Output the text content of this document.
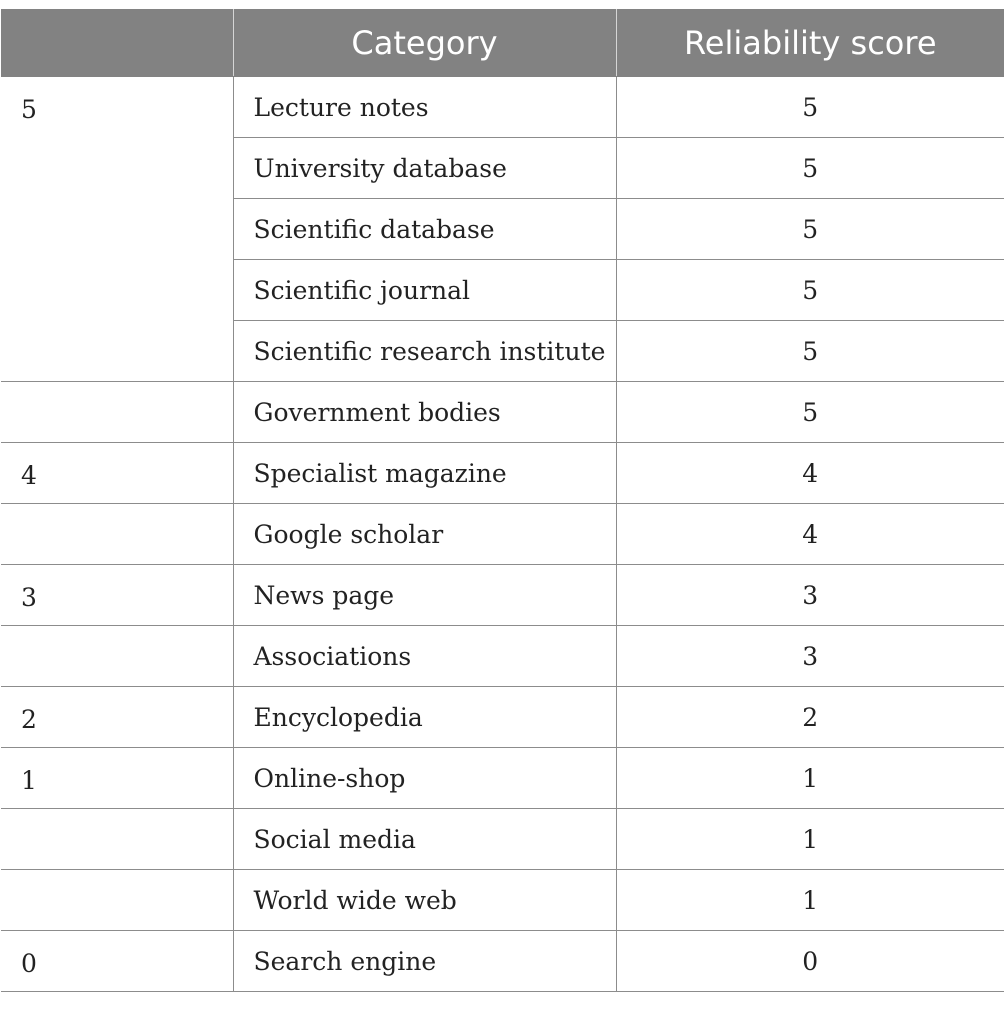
	Category	Reliability score
5	Lecture notes	5
	University database	5
	Scientific database	5
	Scientific journal	5
	Scientific research institute	5
	Government bodies	5
4	Specialist magazine	4
	Google scholar	4
3	News page	3
	Associations	3
2	Encyclopedia	2
1	Online-shop	1
	Social media	1
	World wide web	1
0	Search engine	0
